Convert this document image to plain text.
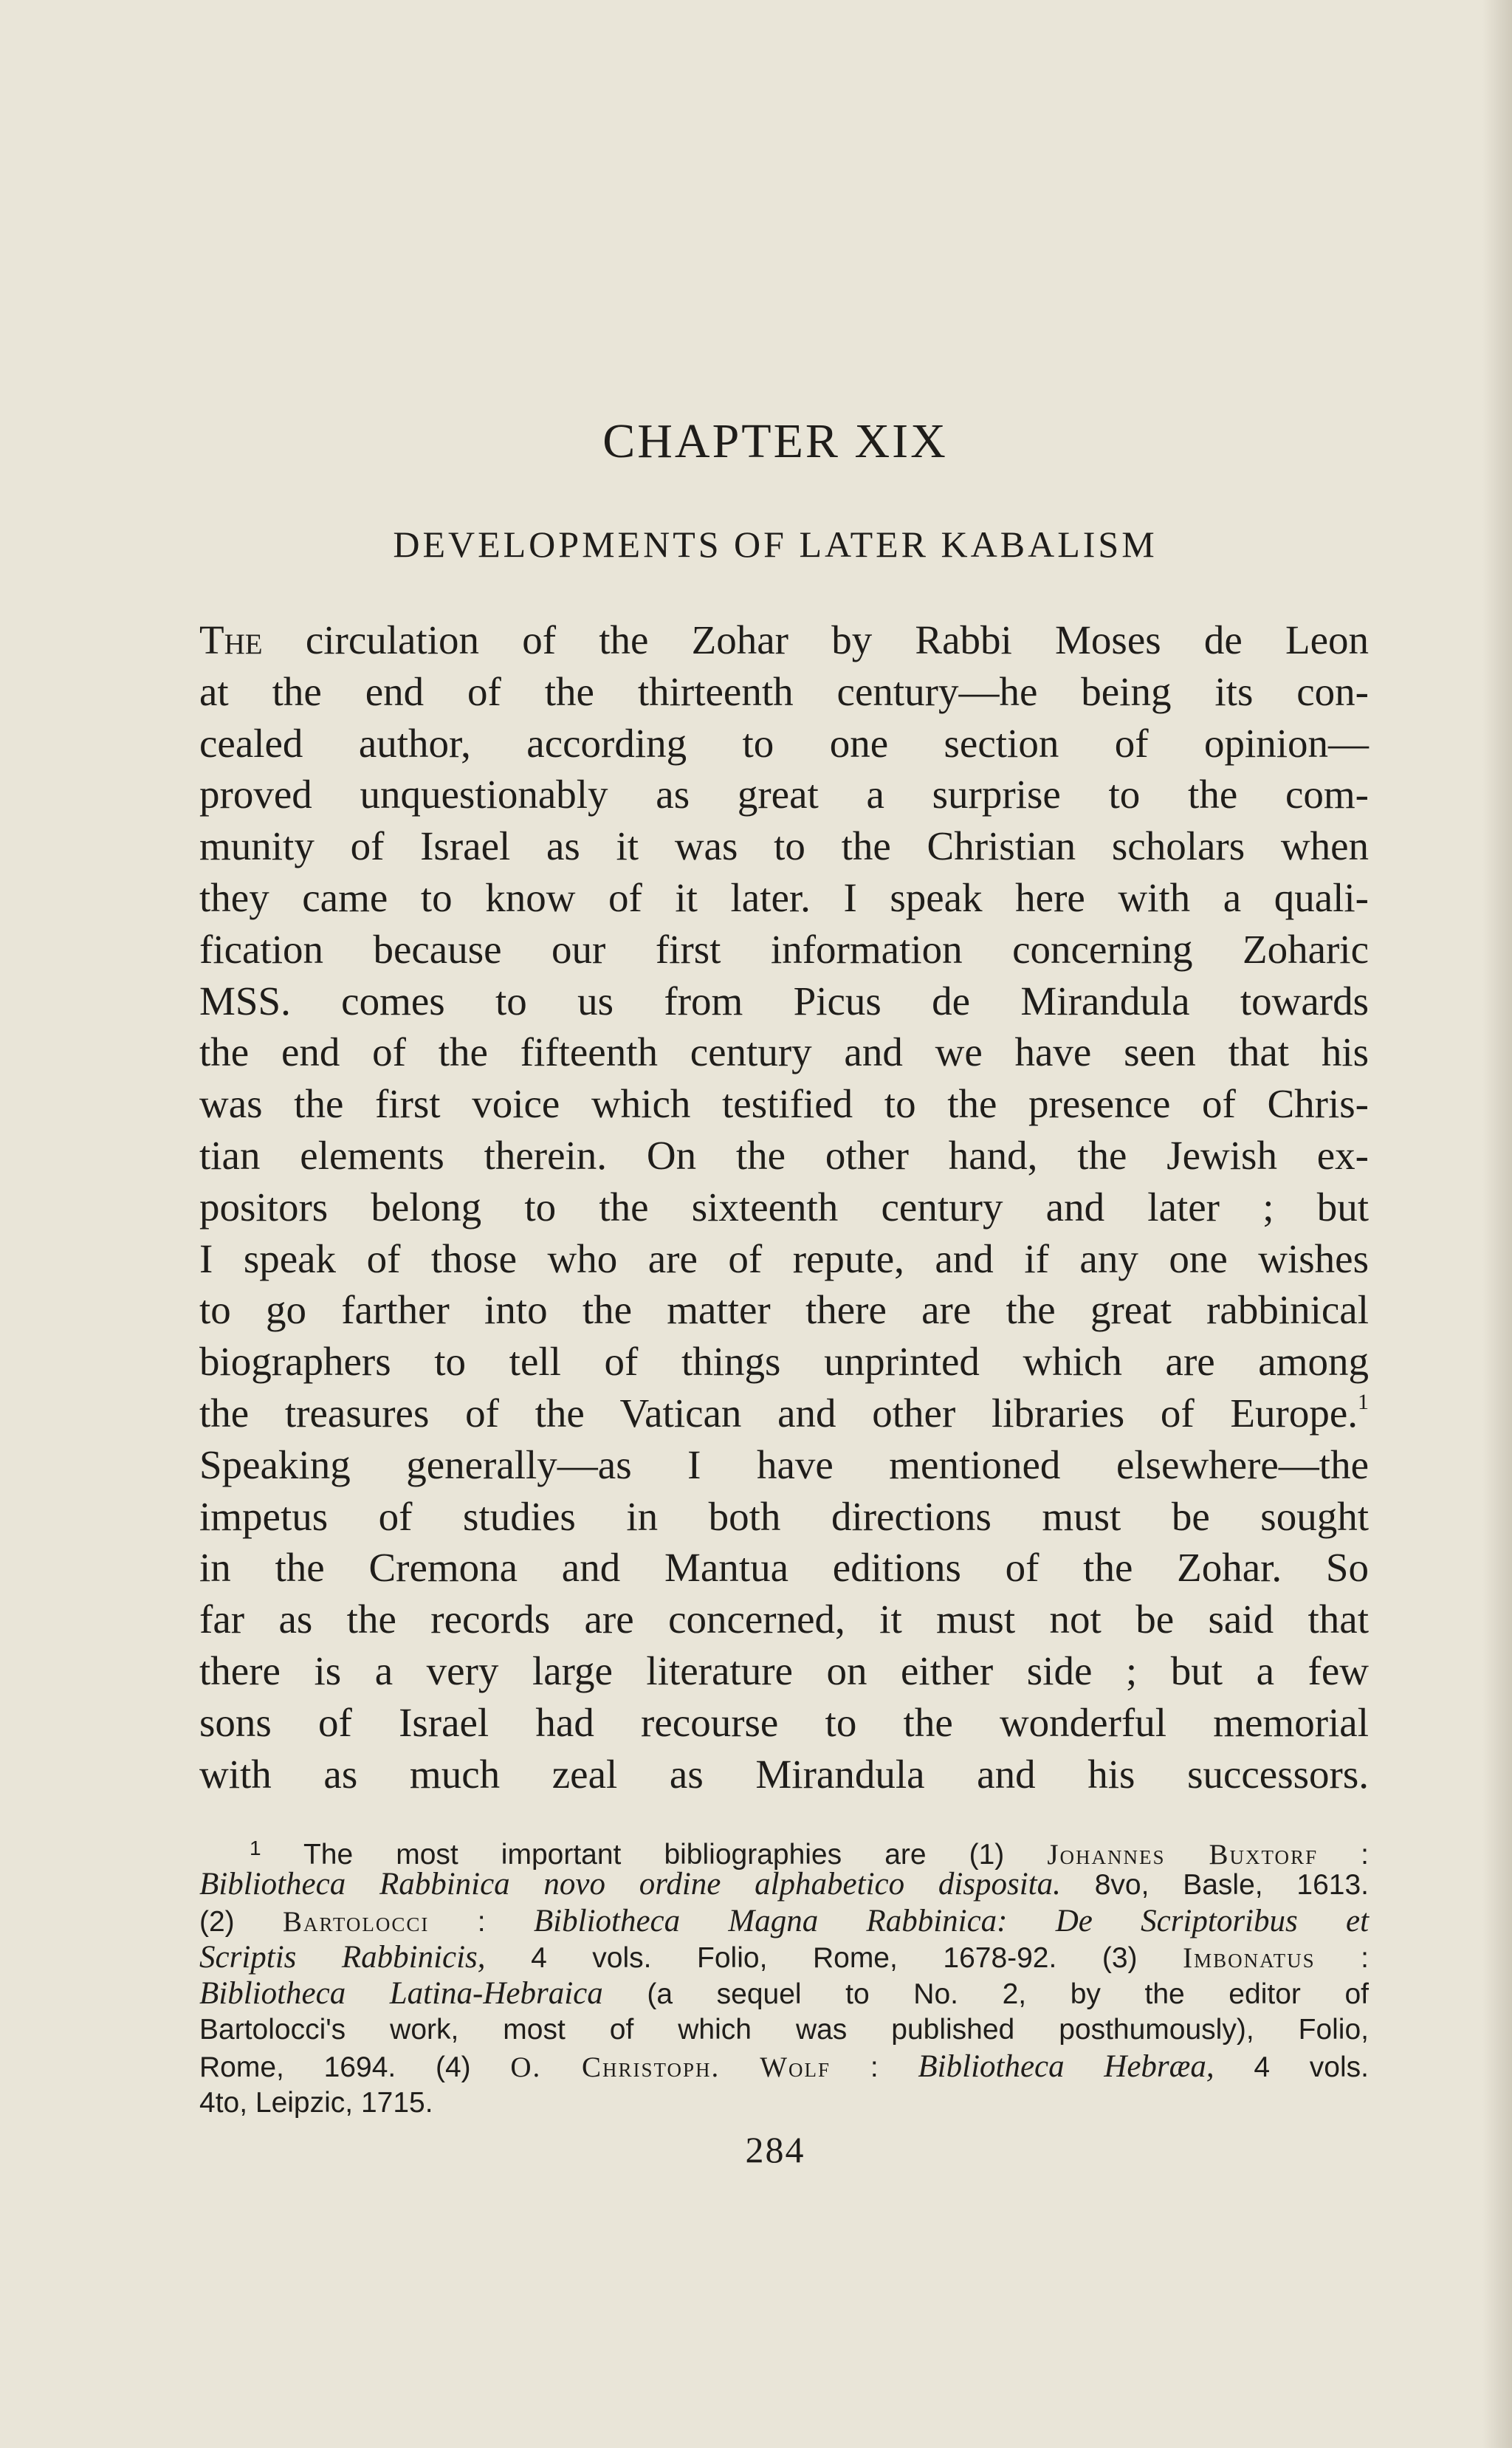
CHAPTER XIX
DEVELOPMENTS OF LATER KABALISM
The circulation of the Zohar by Rabbi Moses de Leon
at the end of the thirteenth century—he being its con-
cealed author, according to one section of opinion—
proved unquestionably as great a surprise to the com-
munity of Israel as it was to the Christian scholars when
they came to know of it later. I speak here with a quali-
fication because our first information concerning Zoharic
MSS. comes to us from Picus de Mirandula towards
the end of the fifteenth century and we have seen that his
was the first voice which testified to the presence of Chris-
tian elements therein. On the other hand, the Jewish ex-
positors belong to the sixteenth century and later ; but
I speak of those who are of repute, and if any one wishes
to go farther into the matter there are the great rabbinical
biographers to tell of things unprinted which are among
the treasures of the Vatican and other libraries of Europe.$^1$
Speaking generally—as I have mentioned elsewhere—the
impetus of studies in both directions must be sought
in the Cremona and Mantua editions of the Zohar. So
far as the records are concerned, it must not be said that
there is a very large literature on either side ; but a few
sons of Israel had recourse to the wonderful memorial
with as much zeal as Mirandula and his successors.
$^1$ The most important bibliographies are (1) Johannes Buxtorf :
Bibliotheca Rabbinica novo ordine alphabetico disposita. 8vo, Basle, 1613.
(2) Bartolocci : Bibliotheca Magna Rabbinica: De Scriptoribus et
Scriptis Rabbinicis, 4 vols. Folio, Rome, 1678-92. (3) Imbonatus :
Bibliotheca Latina-Hebraica (a sequel to No. 2, by the editor of
Bartolocci's work, most of which was published posthumously), Folio,
Rome, 1694. (4) O. Christoph. Wolf : Bibliotheca Hebræa, 4 vols.
4to, Leipzic, 1715.
284
